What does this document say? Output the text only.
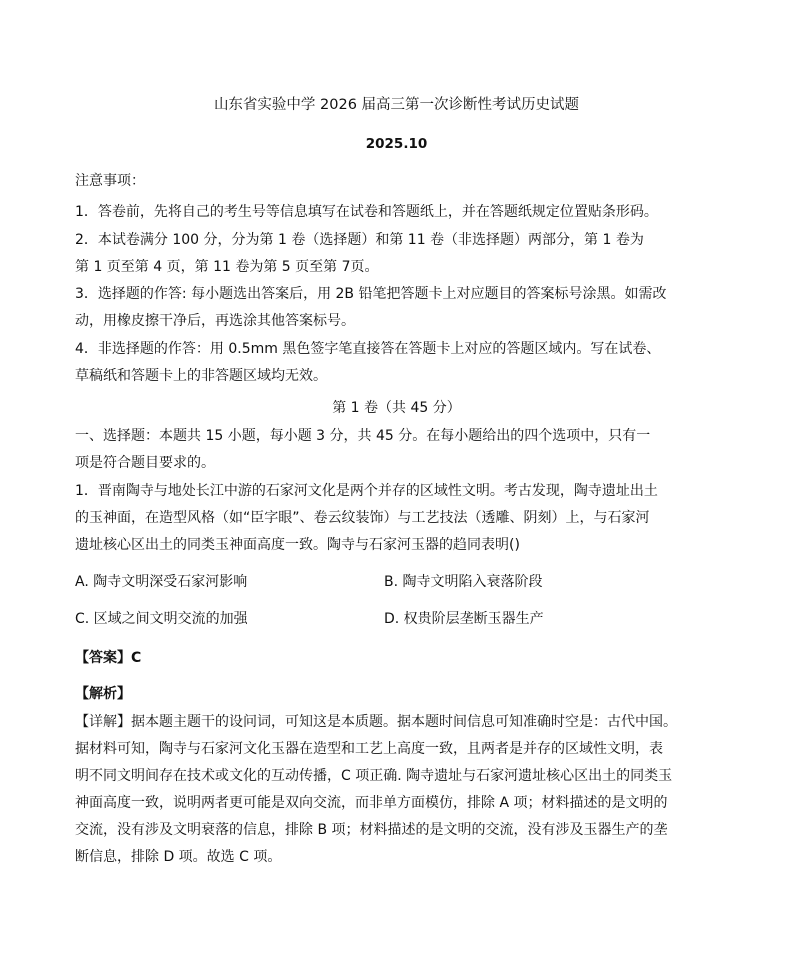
山东省实验中学 2026 届高三第一次诊断性考试历史试题
2025.10
注意事项：
1．答卷前，先将自己的考生号等信息填写在试卷和答题纸上，并在答题纸规定位置贴条形码。
2．本试卷满分 100 分，分为第 1 卷（选择题）和第 11 卷（非选择题）两部分，第 1 卷为
第 1 页至第 4 页，第 11 卷为第 5 页至第 7页。
3．选择题的作答: 每小题选出答案后，用 2B 铅笔把答题卡上对应题目的答案标号涂黑。如需改
动，用橡皮擦干净后，再选涂其他答案标号。
4．非选择题的作答：用 0.5mm 黑色签字笔直接答在答题卡上对应的答题区域内。写在试卷、
草稿纸和答题卡上的非答题区域均无效。
第 1 卷（共 45 分）
一、选择题：本题共 15 小题，每小题 3 分，共 45 分。在每小题给出的四个选项中，只有一
项是符合题目要求的。
1．晋南陶寺与地处长江中游的石家河文化是两个并存的区域性文明。考古发现，陶寺遗址出土
的玉神面，在造型风格（如“臣字眼”、卷云纹装饰）与工艺技法（透雕、阴刻）上，与石家河
遗址核心区出土的同类玉神面高度一致。陶寺与石家河玉器的趋同表明()
A. 陶寺文明深受石家河影响	B. 陶寺文明陷入衰落阶段
C. 区域之间文明交流的加强	D. 权贵阶层垄断玉器生产
【答案】C
【解析】
【详解】据本题主题干的设问词，可知这是本质题。据本题时间信息可知准确时空是：古代中国。
据材料可知，陶寺与石家河文化玉器在造型和工艺上高度一致，且两者是并存的区域性文明，表
明不同文明间存在技术或文化的互动传播，C 项正确. 陶寺遗址与石家河遗址核心区出土的同类玉
神面高度一致，说明两者更可能是双向交流，而非单方面模仿，排除 A 项；材料描述的是文明的
交流，没有涉及文明衰落的信息，排除 B 项；材料描述的是文明的交流，没有涉及玉器生产的垄
断信息，排除 D 项。故选 C 项。
